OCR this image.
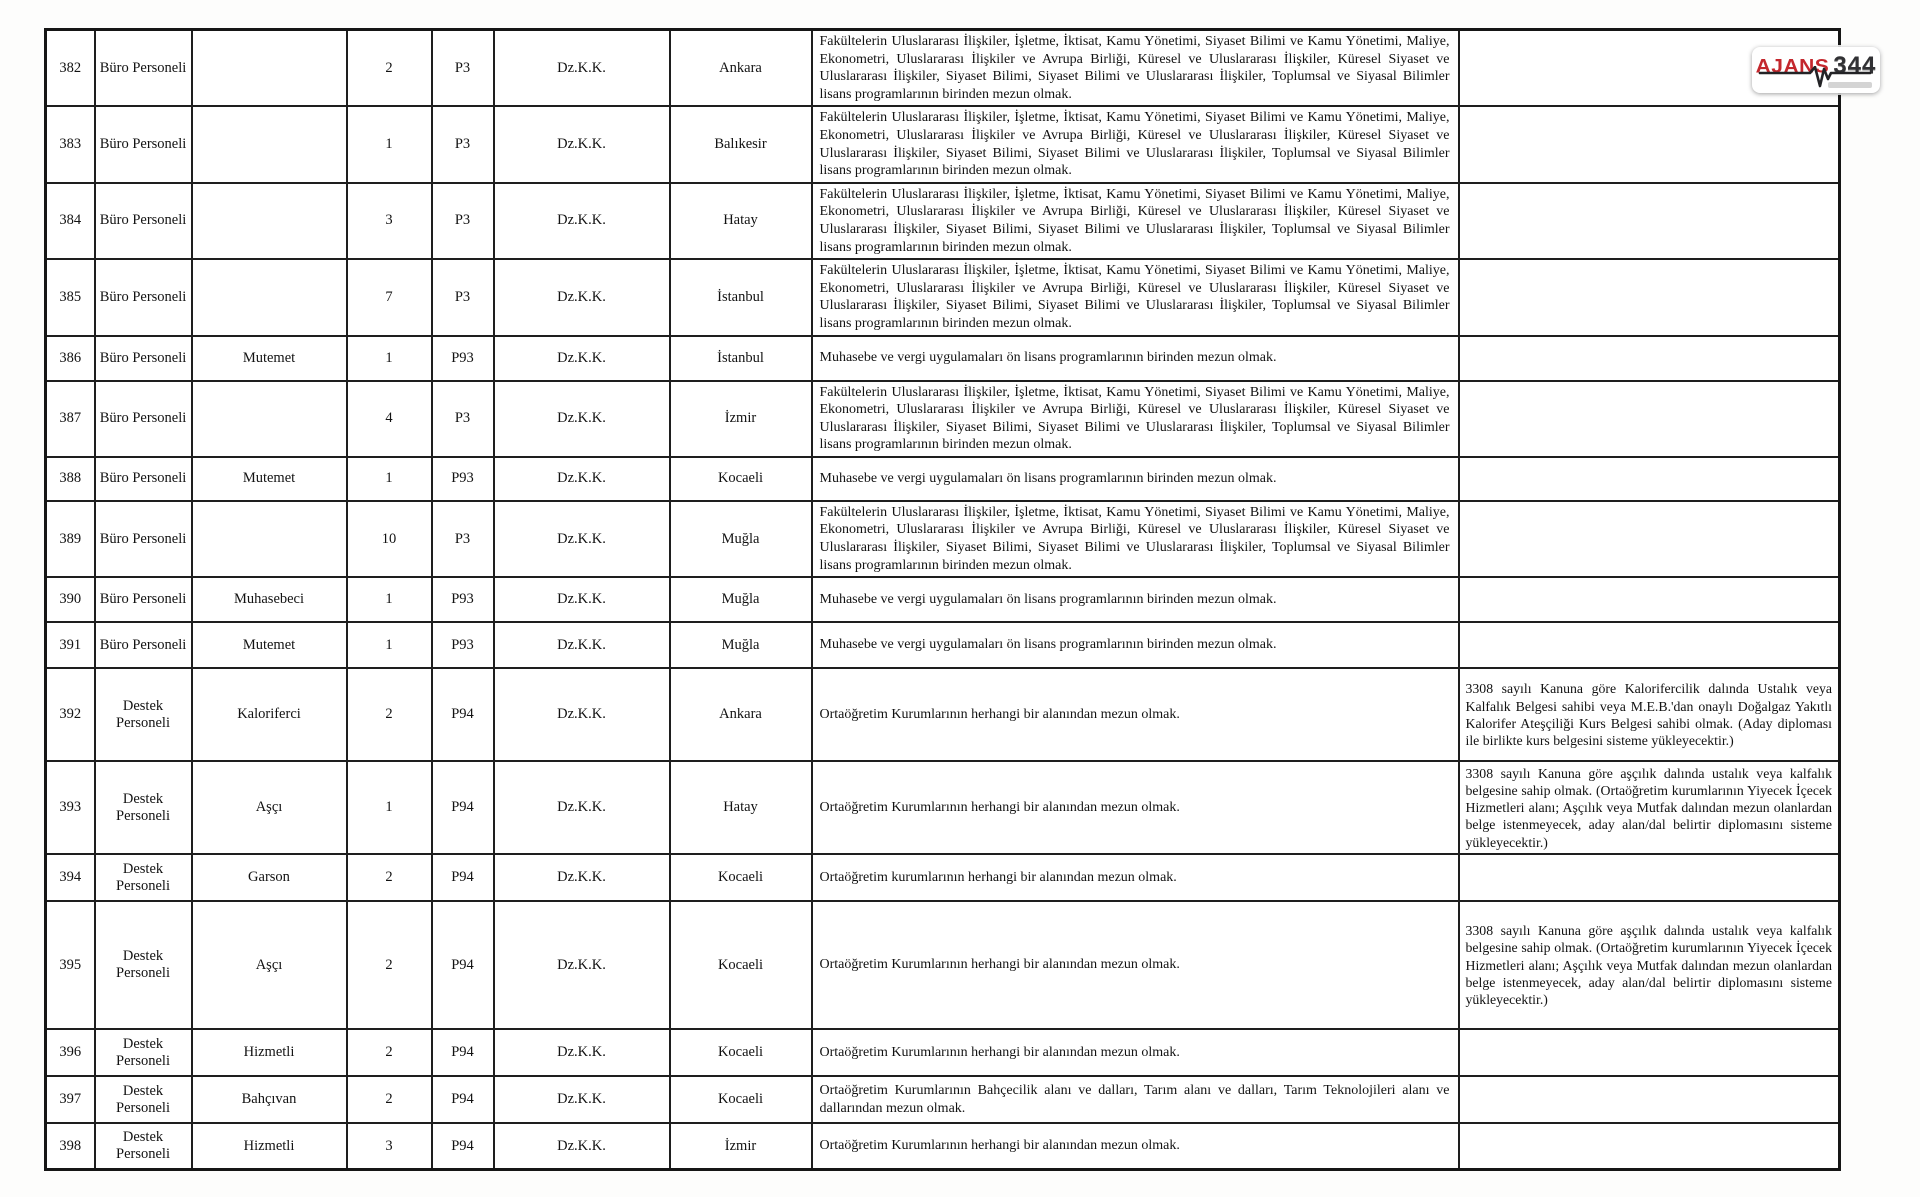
382	Büro Personeli		2	P3	Dz.K.K.	Ankara	Fakültelerin Uluslararası İlişkiler, İşletme, İktisat, Kamu Yönetimi, Siyaset Bilimi ve Kamu Yönetimi, Maliye, Ekonometri, Uluslararası İlişkiler ve Avrupa Birliği, Küresel ve Uluslararası İlişkiler, Küresel Siyaset ve Uluslararası İlişkiler, Siyaset Bilimi, Siyaset Bilimi ve Uluslararası İlişkiler, Toplumsal ve Siyasal Bilimler lisans programlarının birinden mezun olmak.	
383	Büro Personeli		1	P3	Dz.K.K.	Balıkesir	Fakültelerin Uluslararası İlişkiler, İşletme, İktisat, Kamu Yönetimi, Siyaset Bilimi ve Kamu Yönetimi, Maliye, Ekonometri, Uluslararası İlişkiler ve Avrupa Birliği, Küresel ve Uluslararası İlişkiler, Küresel Siyaset ve Uluslararası İlişkiler, Siyaset Bilimi, Siyaset Bilimi ve Uluslararası İlişkiler, Toplumsal ve Siyasal Bilimler lisans programlarının birinden mezun olmak.	
384	Büro Personeli		3	P3	Dz.K.K.	Hatay	Fakültelerin Uluslararası İlişkiler, İşletme, İktisat, Kamu Yönetimi, Siyaset Bilimi ve Kamu Yönetimi, Maliye, Ekonometri, Uluslararası İlişkiler ve Avrupa Birliği, Küresel ve Uluslararası İlişkiler, Küresel Siyaset ve Uluslararası İlişkiler, Siyaset Bilimi, Siyaset Bilimi ve Uluslararası İlişkiler, Toplumsal ve Siyasal Bilimler lisans programlarının birinden mezun olmak.	
385	Büro Personeli		7	P3	Dz.K.K.	İstanbul	Fakültelerin Uluslararası İlişkiler, İşletme, İktisat, Kamu Yönetimi, Siyaset Bilimi ve Kamu Yönetimi, Maliye, Ekonometri, Uluslararası İlişkiler ve Avrupa Birliği, Küresel ve Uluslararası İlişkiler, Küresel Siyaset ve Uluslararası İlişkiler, Siyaset Bilimi, Siyaset Bilimi ve Uluslararası İlişkiler, Toplumsal ve Siyasal Bilimler lisans programlarının birinden mezun olmak.	
386	Büro Personeli	Mutemet	1	P93	Dz.K.K.	İstanbul	Muhasebe ve vergi uygulamaları ön lisans programlarının birinden mezun olmak.	
387	Büro Personeli		4	P3	Dz.K.K.	İzmir	Fakültelerin Uluslararası İlişkiler, İşletme, İktisat, Kamu Yönetimi, Siyaset Bilimi ve Kamu Yönetimi, Maliye, Ekonometri, Uluslararası İlişkiler ve Avrupa Birliği, Küresel ve Uluslararası İlişkiler, Küresel Siyaset ve Uluslararası İlişkiler, Siyaset Bilimi, Siyaset Bilimi ve Uluslararası İlişkiler, Toplumsal ve Siyasal Bilimler lisans programlarının birinden mezun olmak.	
388	Büro Personeli	Mutemet	1	P93	Dz.K.K.	Kocaeli	Muhasebe ve vergi uygulamaları ön lisans programlarının birinden mezun olmak.	
389	Büro Personeli		10	P3	Dz.K.K.	Muğla	Fakültelerin Uluslararası İlişkiler, İşletme, İktisat, Kamu Yönetimi, Siyaset Bilimi ve Kamu Yönetimi, Maliye, Ekonometri, Uluslararası İlişkiler ve Avrupa Birliği, Küresel ve Uluslararası İlişkiler, Küresel Siyaset ve Uluslararası İlişkiler, Siyaset Bilimi, Siyaset Bilimi ve Uluslararası İlişkiler, Toplumsal ve Siyasal Bilimler lisans programlarının birinden mezun olmak.	
390	Büro Personeli	Muhasebeci	1	P93	Dz.K.K.	Muğla	Muhasebe ve vergi uygulamaları ön lisans programlarının birinden mezun olmak.	
391	Büro Personeli	Mutemet	1	P93	Dz.K.K.	Muğla	Muhasebe ve vergi uygulamaları ön lisans programlarının birinden mezun olmak.	
392	Destek Personeli	Kaloriferci	2	P94	Dz.K.K.	Ankara	Ortaöğretim Kurumlarının herhangi bir alanından mezun olmak.	3308 sayılı Kanuna göre Kalorifercilik dalında Ustalık veya Kalfalık Belgesi sahibi veya M.E.B.'dan onaylı Doğalgaz Yakıtlı Kalorifer Ateşçiliği Kurs Belgesi sahibi olmak. (Aday diploması ile birlikte kurs belgesini sisteme yükleyecektir.)
393	Destek Personeli	Aşçı	1	P94	Dz.K.K.	Hatay	Ortaöğretim Kurumlarının herhangi bir alanından mezun olmak.	3308 sayılı Kanuna göre aşçılık dalında ustalık veya kalfalık belgesine sahip olmak. (Ortaöğretim kurumlarının Yiyecek İçecek Hizmetleri alanı; Aşçılık veya Mutfak dalından mezun olanlardan belge istenmeyecek, aday alan/dal belirtir diplomasını sisteme yükleyecektir.)
394	Destek Personeli	Garson	2	P94	Dz.K.K.	Kocaeli	Ortaöğretim kurumlarının herhangi bir alanından mezun olmak.	
395	Destek Personeli	Aşçı	2	P94	Dz.K.K.	Kocaeli	Ortaöğretim Kurumlarının herhangi bir alanından mezun olmak.	3308 sayılı Kanuna göre aşçılık dalında ustalık veya kalfalık belgesine sahip olmak. (Ortaöğretim kurumlarının Yiyecek İçecek Hizmetleri alanı; Aşçılık veya Mutfak dalından mezun olanlardan belge istenmeyecek, aday alan/dal belirtir diplomasını sisteme yükleyecektir.)
396	Destek Personeli	Hizmetli	2	P94	Dz.K.K.	Kocaeli	Ortaöğretim Kurumlarının herhangi bir alanından mezun olmak.	
397	Destek Personeli	Bahçıvan	2	P94	Dz.K.K.	Kocaeli	Ortaöğretim Kurumlarının Bahçecilik alanı ve dalları, Tarım alanı ve dalları, Tarım Teknolojileri alanı ve dallarından mezun olmak.	
398	Destek Personeli	Hizmetli	3	P94	Dz.K.K.	İzmir	Ortaöğretim Kurumlarının herhangi bir alanından mezun olmak.	
AJANS 344
